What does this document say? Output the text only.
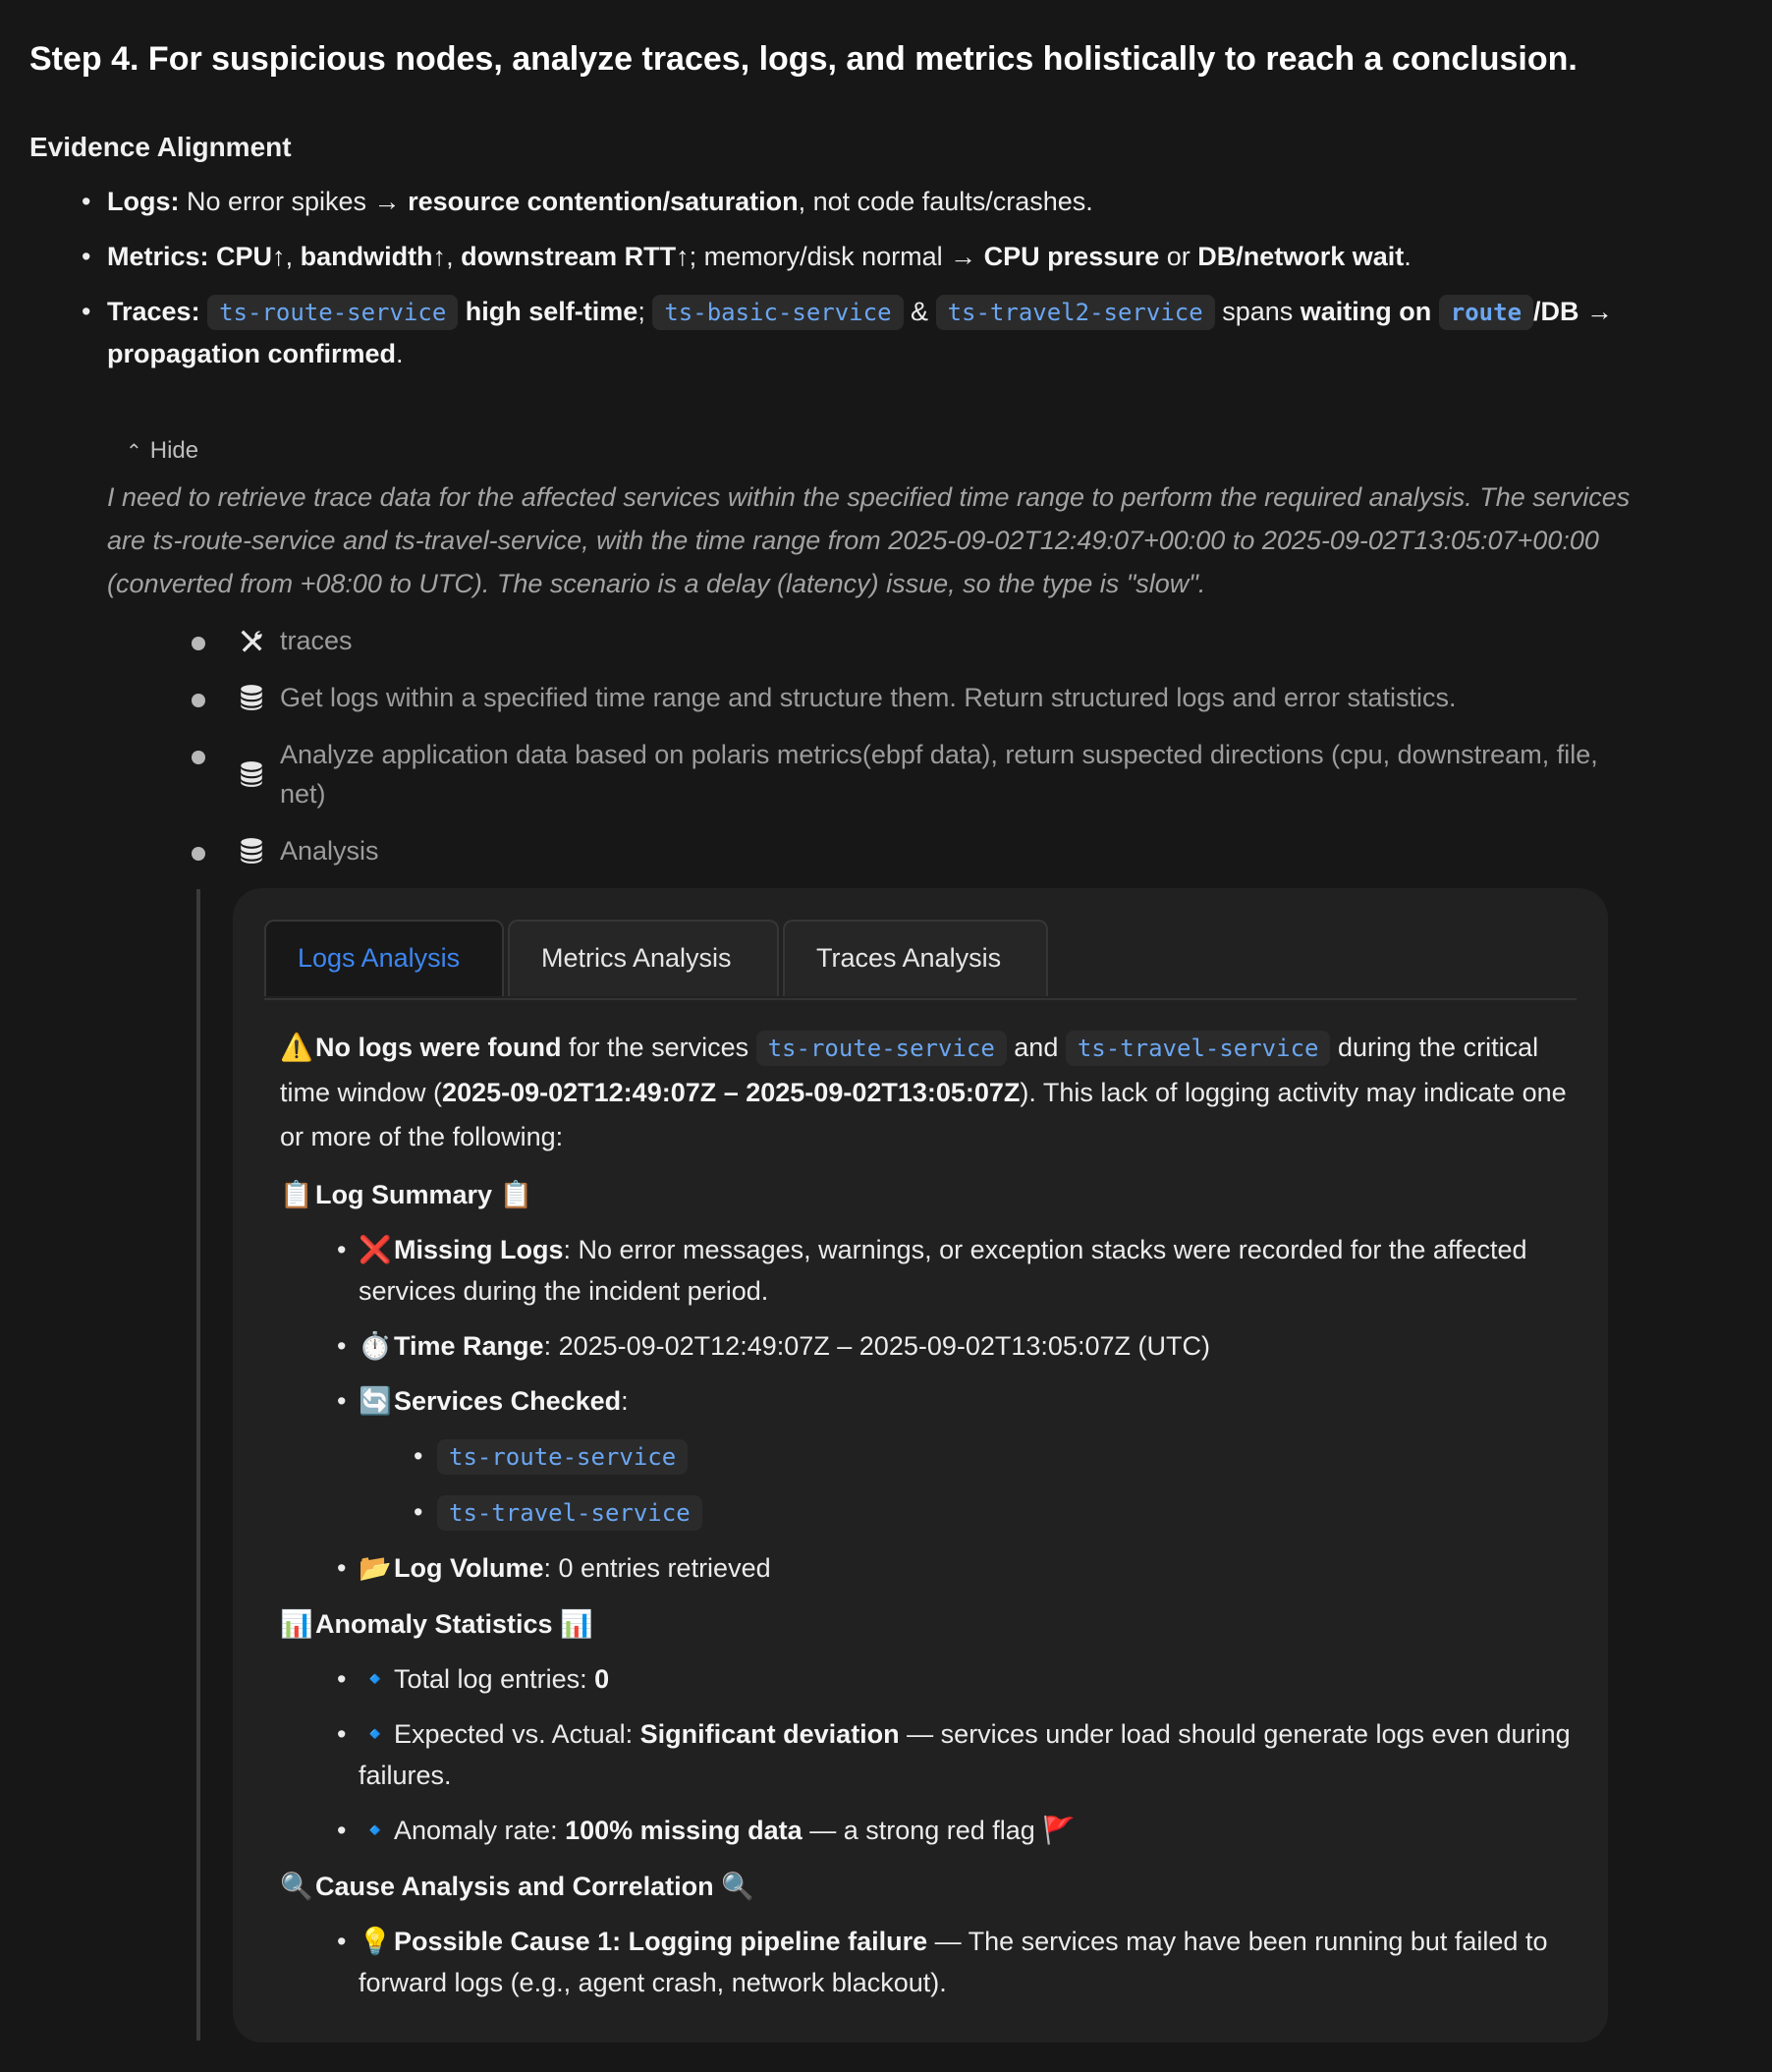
Step 4. For suspicious nodes, analyze traces, logs, and metrics holistically to reach a conclusion.
Evidence Alignment
• Logs: No error spikes → resource contention/saturation, not code faults/crashes.
• Metrics: CPU↑, bandwidth↑, downstream RTT↑; memory/disk normal → CPU pressure or DB/network wait.
• Traces: ts-route-service high self-time; ts-basic-service & ts-travel2-service spans waiting on route /DB →
propagation confirmed.
⌃ Hide

I need to retrieve trace data for the affected services within the specified time range to perform the required analysis. The services are ts-route-service and ts-travel-service, with the time range from 2025-09-02T12:49:07+00:00 to 2025-09-02T13:05:07+00:00 (converted from +08:00 to UTC). The scenario is a delay (latency) issue, so the type is "slow".

traces
Get logs within a specified time range and structure them. Return structured logs and error statistics.
Analyze application data based on polaris metrics(ebpf data), return suspected directions (cpu, downstream, file, net)
Analysis
Logs Analysis	Metrics Analysis	Traces Analysis

⚠️No logs were found for the services ts-route-service and ts-travel-service during the critical time window (2025-09-02T12:49:07Z – 2025-09-02T13:05:07Z). This lack of logging activity may indicate one or more of the following:

📋Log Summary 📋
• ❌Missing Logs: No error messages, warnings, or exception stacks were recorded for the affected services during the incident period.
• ⏱️Time Range: 2025-09-02T12:49:07Z – 2025-09-02T13:05:07Z (UTC)
• 🔄Services Checked:
• ts-route-service
• ts-travel-service
• 📂Log Volume: 0 entries retrieved
📊Anomaly Statistics 📊
• 🔹Total log entries: 0
• 🔹Expected vs. Actual: Significant deviation — services under load should generate logs even during failures.
• 🔹Anomaly rate: 100% missing data — a strong red flag 🚩
🔍Cause Analysis and Correlation 🔍
• 💡Possible Cause 1: Logging pipeline failure — The services may have been running but failed to forward logs (e.g., agent crash, network blackout).
